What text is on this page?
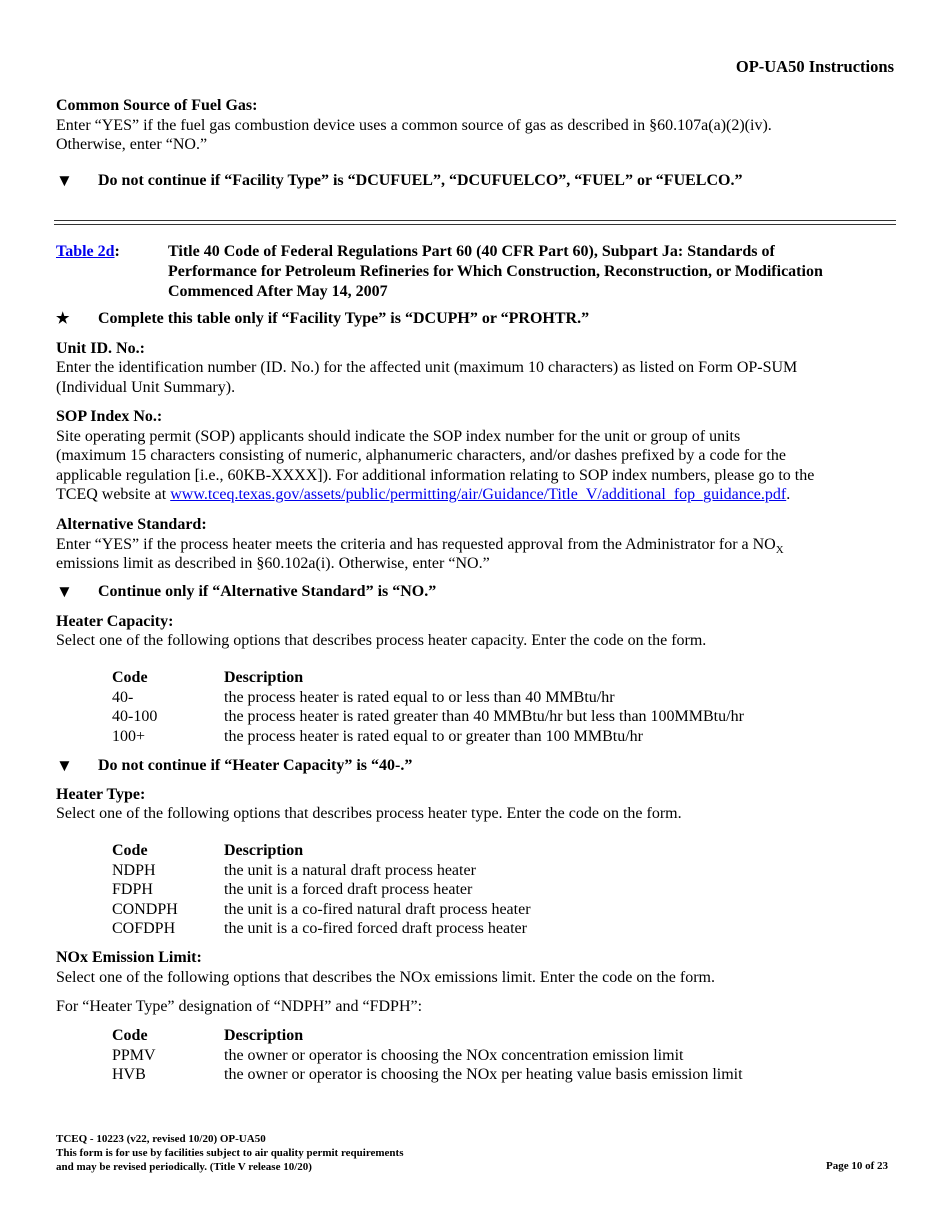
OP-UA50 Instructions
Common Source of Fuel Gas:
Enter “YES” if the fuel gas combustion device uses a common source of gas as described in §60.107a(a)(2)(iv).
Otherwise, enter “NO.”
▼ Do not continue if “Facility Type” is “DCUFUEL”, “DCUFUELCO”, “FUEL” or “FUELCO.”
Table 2d:	Title 40 Code of Federal Regulations Part 60 (40 CFR Part 60), Subpart Ja: Standards of
Performance for Petroleum Refineries for Which Construction, Reconstruction, or Modification
Commenced After May 14, 2007
★ Complete this table only if “Facility Type” is “DCUPH” or “PROHTR.”
Unit ID. No.:
Enter the identification number (ID. No.) for the affected unit (maximum 10 characters) as listed on Form OP-SUM
(Individual Unit Summary).
SOP Index No.:
Site operating permit (SOP) applicants should indicate the SOP index number for the unit or group of units
(maximum 15 characters consisting of numeric, alphanumeric characters, and/or dashes prefixed by a code for the
applicable regulation [i.e., 60KB-XXXX]). For additional information relating to SOP index numbers, please go to the
TCEQ website at www.tceq.texas.gov/assets/public/permitting/air/Guidance/Title_V/additional_fop_guidance.pdf.
Alternative Standard:
Enter “YES” if the process heater meets the criteria and has requested approval from the Administrator for a $NO_X$
emissions limit as described in §60.102a(i). Otherwise, enter “NO.”
▼ Continue only if “Alternative Standard” is “NO.”
Heater Capacity:
Select one of the following options that describes process heater capacity. Enter the code on the form.
Code	Description
40-	the process heater is rated equal to or less than 40 MMBtu/hr
40-100	the process heater is rated greater than 40 MMBtu/hr but less than 100MMBtu/hr
100+	the process heater is rated equal to or greater than 100 MMBtu/hr
▼ Do not continue if “Heater Capacity” is “40-.”
Heater Type:
Select one of the following options that describes process heater type. Enter the code on the form.
Code	Description
NDPH	the unit is a natural draft process heater
FDPH	the unit is a forced draft process heater
CONDPH	the unit is a co-fired natural draft process heater
COFDPH	the unit is a co-fired forced draft process heater
NOx Emission Limit:
Select one of the following options that describes the NOx emissions limit. Enter the code on the form.
For “Heater Type” designation of “NDPH” and “FDPH”:
Code	Description
PPMV	the owner or operator is choosing the NOx concentration emission limit
HVB	the owner or operator is choosing the NOx per heating value basis emission limit
TCEQ - 10223 (v22, revised 10/20) OP-UA50
This form is for use by facilities subject to air quality permit requirements
and may be revised periodically. (Title V release 10/20)	Page 10 of 23
